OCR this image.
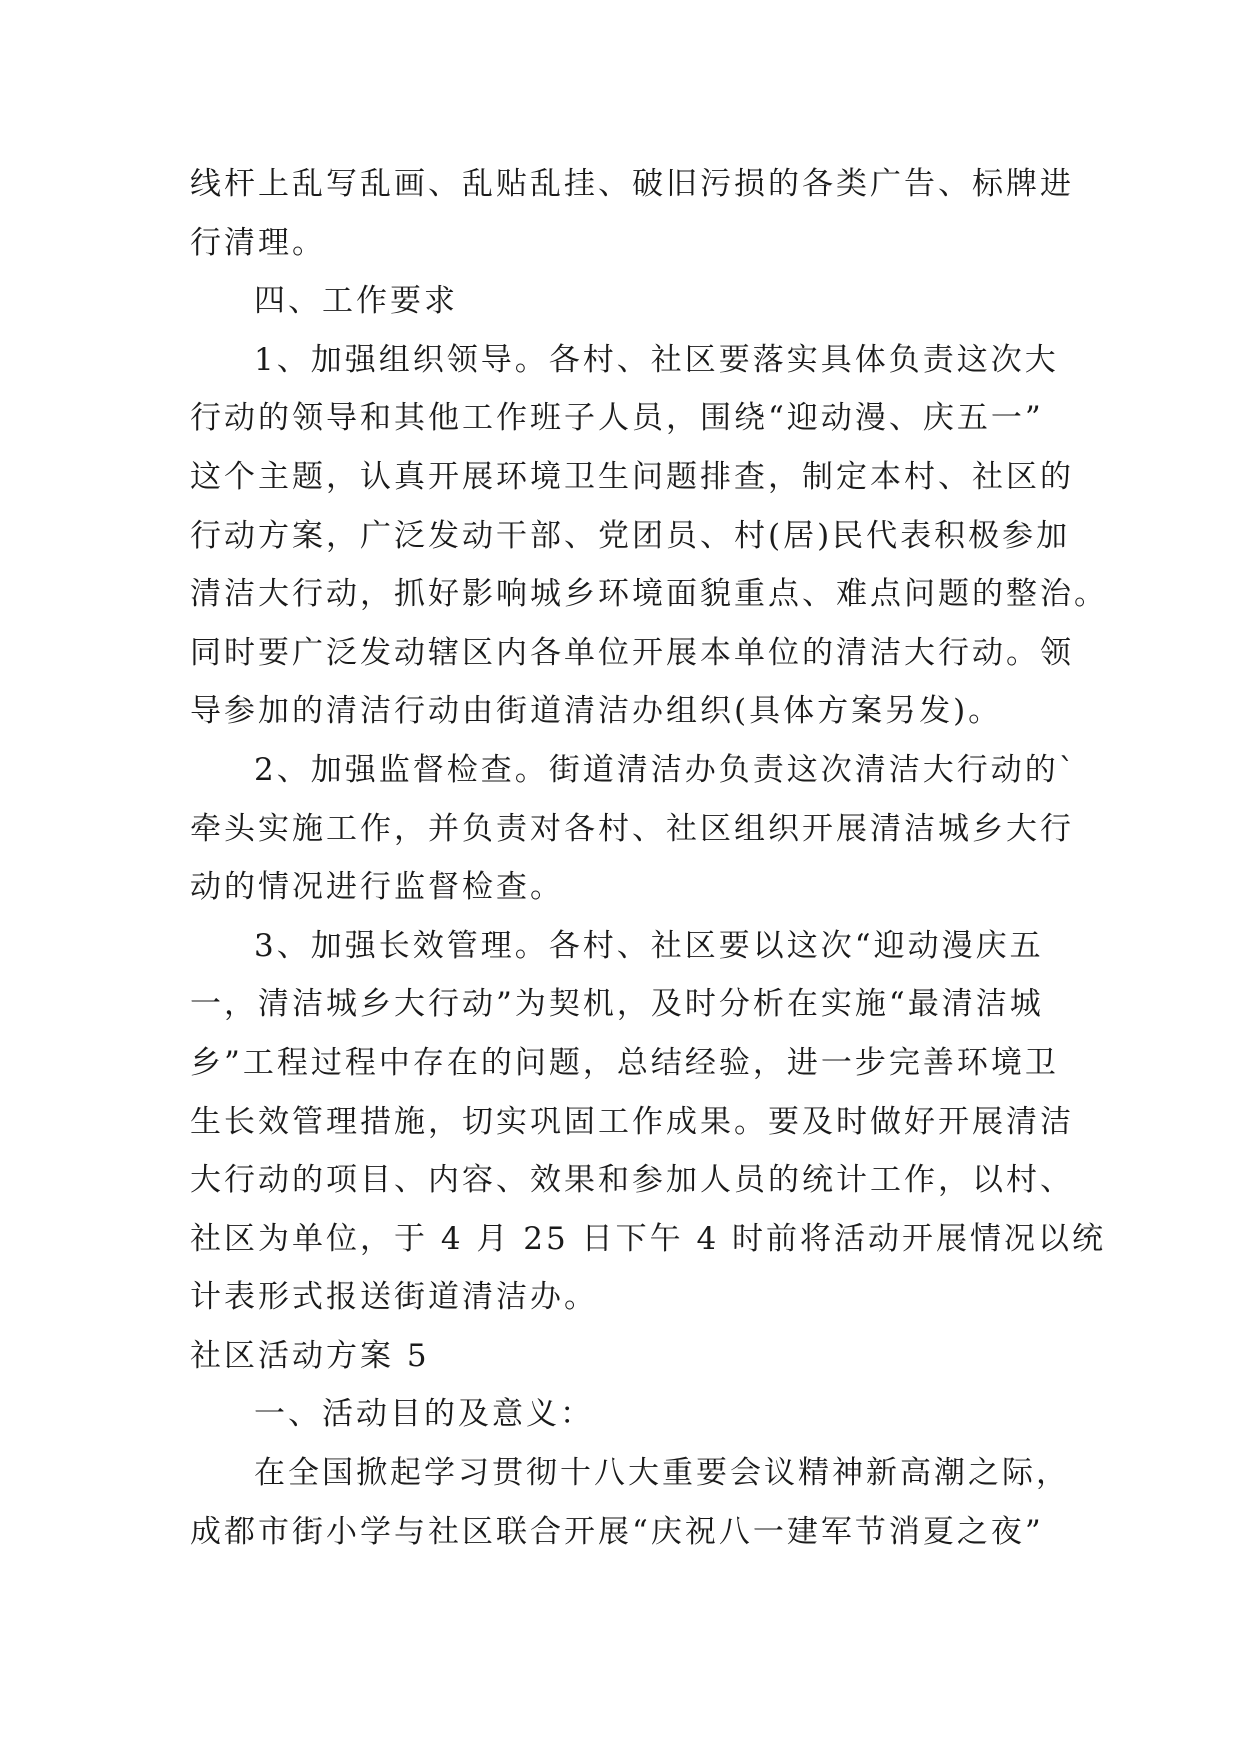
线杆上乱写乱画、乱贴乱挂、破旧污损的各类广告、标牌进
行清理。
四、工作要求
1、加强组织领导。各村、社区要落实具体负责这次大
行动的领导和其他工作班子人员，围绕“迎动漫、庆五一”
这个主题，认真开展环境卫生问题排查，制定本村、社区的
行动方案，广泛发动干部、党团员、村(居)民代表积极参加
清洁大行动，抓好影响城乡环境面貌重点、难点问题的整治。
同时要广泛发动辖区内各单位开展本单位的清洁大行动。领
导参加的清洁行动由街道清洁办组织(具体方案另发)。
2、加强监督检查。街道清洁办负责这次清洁大行动的`
牵头实施工作，并负责对各村、社区组织开展清洁城乡大行
动的情况进行监督检查。
3、加强长效管理。各村、社区要以这次“迎动漫庆五
一，清洁城乡大行动”为契机，及时分析在实施“最清洁城
乡”工程过程中存在的问题，总结经验，进一步完善环境卫
生长效管理措施，切实巩固工作成果。要及时做好开展清洁
大行动的项目、内容、效果和参加人员的统计工作，以村、
社区为单位，于 4 月 25 日下午 4 时前将活动开展情况以统
计表形式报送街道清洁办。
社区活动方案 5
一、活动目的及意义：
在全国掀起学习贯彻十八大重要会议精神新高潮之际，
成都市街小学与社区联合开展“庆祝八一建军节消夏之夜”
